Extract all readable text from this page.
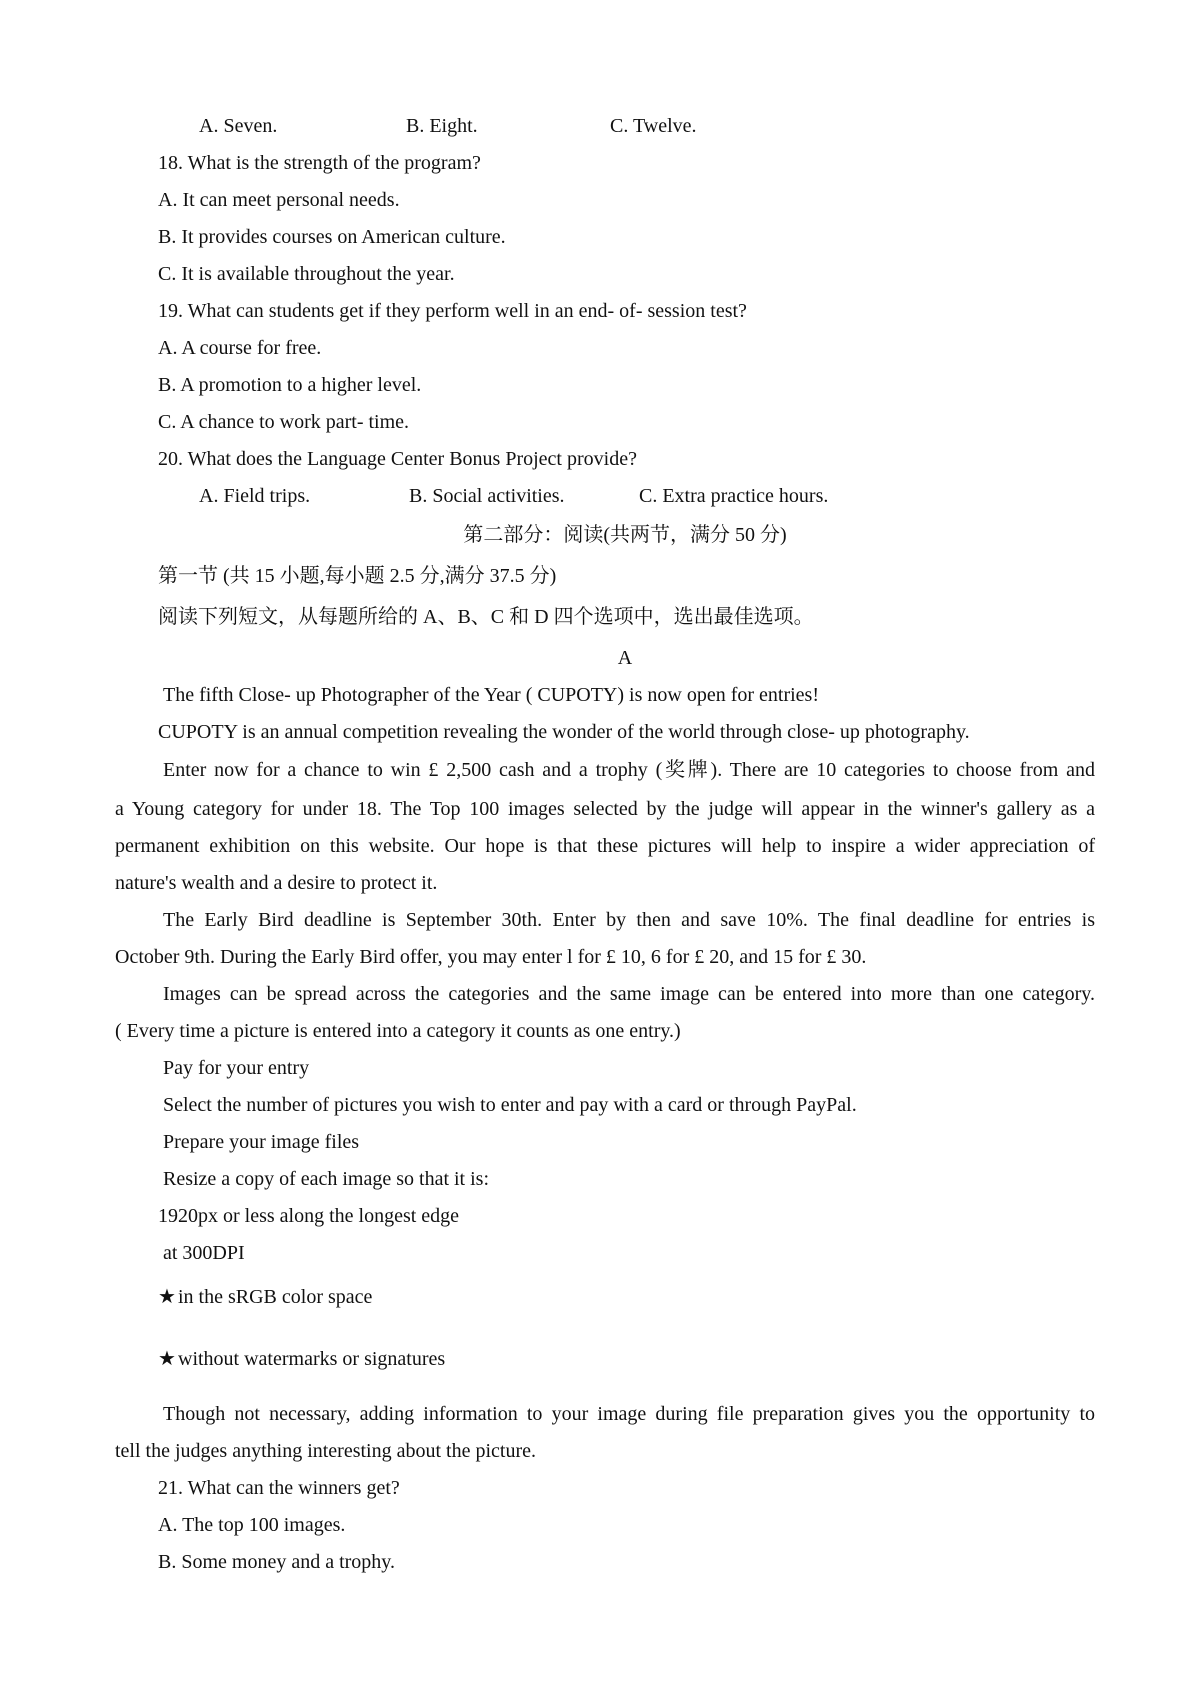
A. Seven.	B. Eight.	C. Twelve.
18. What is the strength of the program?
A. It can meet personal needs.
B. It provides courses on American culture.
C. It is available throughout the year.
19. What can students get if they perform well in an end- of- session test?
A. A course for free.
B. A promotion to a higher level.
C. A chance to work part- time.
20. What does the Language Center Bonus Project provide?
A. Field trips.	B. Social activities.	C. Extra practice hours.
第二部分：阅读(共两节，满分 50 分)
第一节 (共 15 小题,每小题 2.5 分,满分 37.5 分)
阅读下列短文，从每题所给的 A、B、C 和 D 四个选项中，选出最佳选项。
A
The fifth Close- up Photographer of the Year ( CUPOTY) is now open for entries!
CUPOTY is an annual competition revealing the wonder of the world through close- up photography.
Enter now for a chance to win £ 2,500 cash and a trophy (奖牌). There are 10 categories to choose from and
a Young category for under 18. The Top 100 images selected by the judge will appear in the winner's gallery as a
permanent exhibition on this website. Our hope is that these pictures will help to inspire a wider appreciation of
nature's wealth and a desire to protect it.
The Early Bird deadline is September 30th. Enter by then and save 10%. The final deadline for entries is
October 9th. During the Early Bird offer, you may enter l for £ 10, 6 for £ 20, and 15 for £ 30.
Images can be spread across the categories and the same image can be entered into more than one category.
( Every time a picture is entered into a category it counts as one entry.)
Pay for your entry
Select the number of pictures you wish to enter and pay with a card or through PayPal.
Prepare your image files
Resize a copy of each image so that it is:
1920px or less along the longest edge
at 300DPI
★ in the sRGB color space
★ without watermarks or signatures
Though not necessary, adding information to your image during file preparation gives you the opportunity to
tell the judges anything interesting about the picture.
21. What can the winners get?
A. The top 100 images.
B. Some money and a trophy.
